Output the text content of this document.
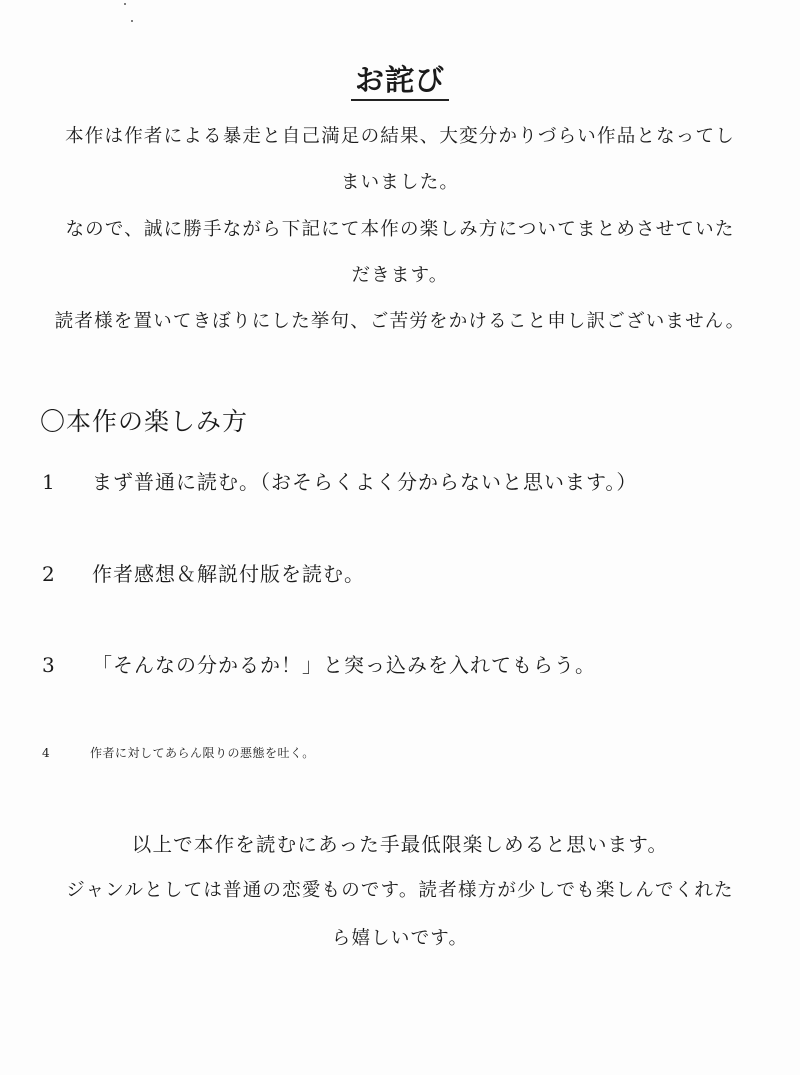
お詫び

本作は作者による暴走と自己満足の結果、大変分かりづらい作品となってし

まいました。

なので、誠に勝手ながら下記にて本作の楽しみ方についてまとめさせていた

だきます。

読者様を置いてきぼりにした挙句、ご苦労をかけること申し訳ございません。

〇本作の楽しみ方
1 まず普通に読む。（おそらくよく分からないと思います。）
2 作者感想＆解説付版を読む。
3 「そんなの分かるか！」と突っ込みを入れてもらう。
4	作者に対してあらん限りの悪態を吐く。

以上で本作を読むにあった手最低限楽しめると思います。

ジャンルとしては普通の恋愛ものです。読者様方が少しでも楽しんでくれた

ら嬉しいです。
